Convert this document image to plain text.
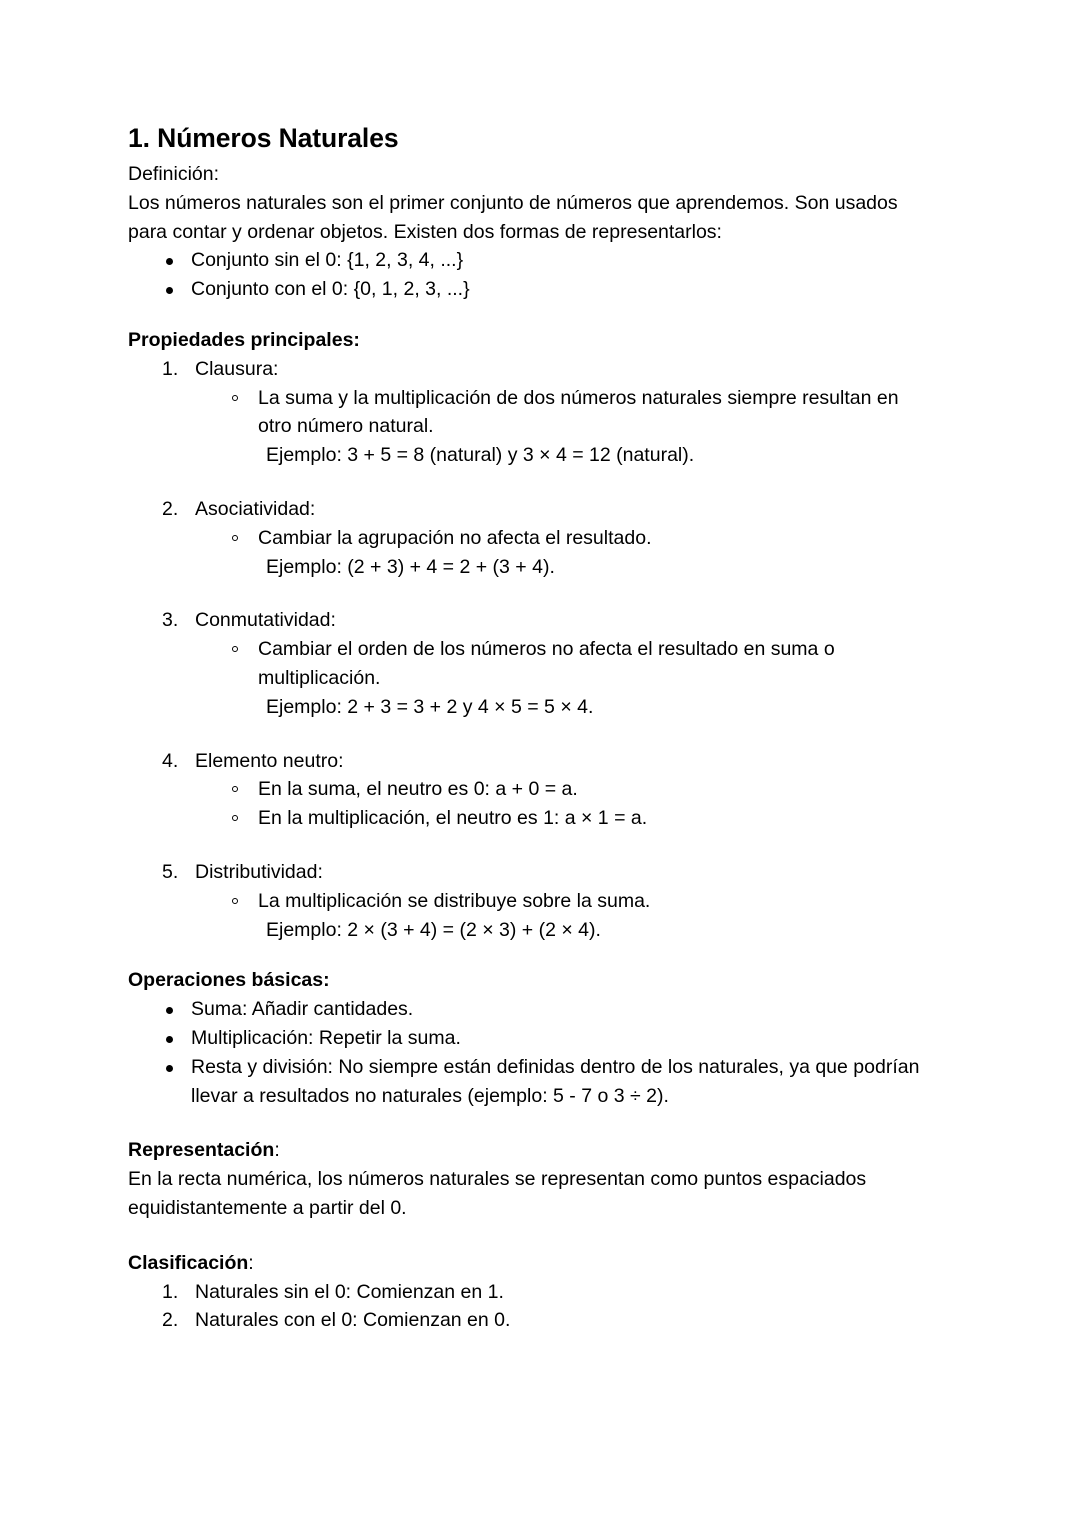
1. Números Naturales

Definición:

Los números naturales son el primer conjunto de números que aprendemos. Son usados para contar y ordenar objetos. Existen dos formas de representarlos:

Conjunto sin el 0: {1, 2, 3, 4, ...}
Conjunto con el 0: {0, 1, 2, 3, ...}

Propiedades principales:

Clausura:
La suma y la multiplicación de dos números naturales siempre resultan en otro número natural.
Ejemplo: 3 + 5 = 8 (natural) y 3 × 4 = 12 (natural).
Asociatividad:
Cambiar la agrupación no afecta el resultado.
Ejemplo: (2 + 3) + 4 = 2 + (3 + 4).
Conmutatividad:
Cambiar el orden de los números no afecta el resultado en suma o multiplicación.
Ejemplo: 2 + 3 = 3 + 2 y 4 × 5 = 5 × 4.
Elemento neutro:
En la suma, el neutro es 0: a + 0 = a.
En la multiplicación, el neutro es 1: a × 1 = a.
Distributividad:
La multiplicación se distribuye sobre la suma.
Ejemplo: 2 × (3 + 4) = (2 × 3) + (2 × 4).

Operaciones básicas:

Suma: Añadir cantidades.
Multiplicación: Repetir la suma.
Resta y división: No siempre están definidas dentro de los naturales, ya que podrían llevar a resultados no naturales (ejemplo: 5 - 7 o 3 ÷ 2).

Representación:

En la recta numérica, los números naturales se representan como puntos espaciados equidistantemente a partir del 0.

Clasificación:

Naturales sin el 0: Comienzan en 1.
Naturales con el 0: Comienzan en 0.
